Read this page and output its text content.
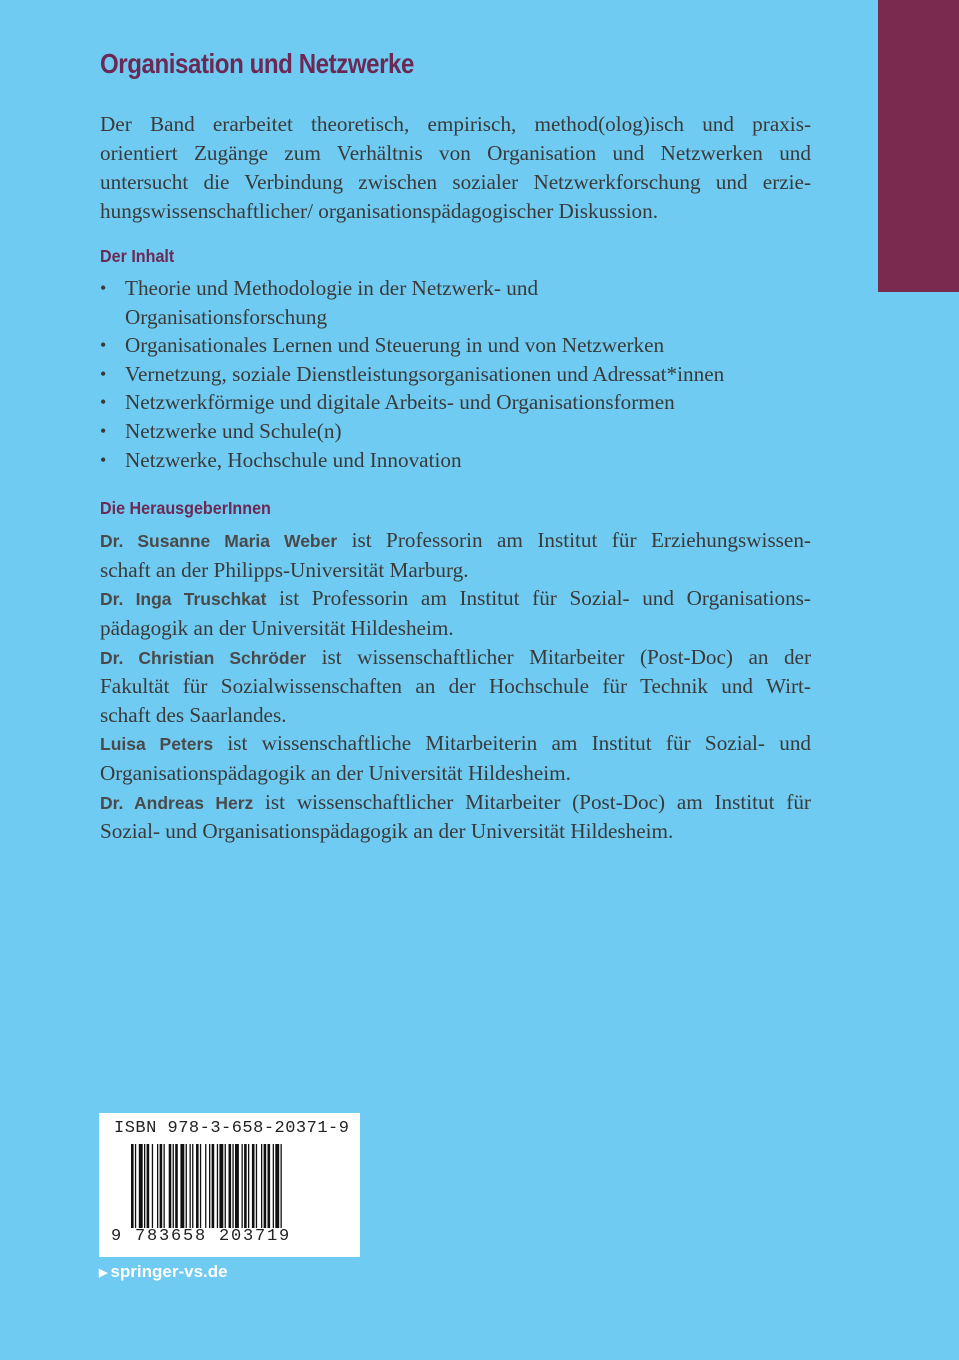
Organisation und Netzwerke
Der Band erarbeitet theoretisch, empirisch, method(olog)isch und praxis-
orientiert Zugänge zum Verhältnis von Organisation und Netzwerken und
untersucht die Verbindung zwischen sozialer Netzwerkforschung und erzie-
hungswissenschaftlicher/ organisationspädagogischer Diskussion.
Der Inhalt
• Theorie und Methodologie in der Netzwerk- und
Organisationsforschung
• Organisationales Lernen und Steuerung in und von Netzwerken
• Vernetzung, soziale Dienstleistungsorganisationen und Adressat*innen
• Netzwerkförmige und digitale Arbeits- und Organisationsformen
• Netzwerke und Schule(n)
• Netzwerke, Hochschule und Innovation
Die HerausgeberInnen
Dr. Susanne Maria Weber ist Professorin am Institut für Erziehungswissen-
schaft an der Philipps-Universität Marburg.
Dr. Inga Truschkat ist Professorin am Institut für Sozial- und Organisations-
pädagogik an der Universität Hildesheim.
Dr. Christian Schröder ist wissenschaftlicher Mitarbeiter (Post-Doc) an der
Fakultät für Sozialwissenschaften an der Hochschule für Technik und Wirt-
schaft des Saarlandes.
Luisa Peters ist wissenschaftliche Mitarbeiterin am Institut für Sozial- und
Organisationspädagogik an der Universität Hildesheim.
Dr. Andreas Herz ist wissenschaftlicher Mitarbeiter (Post-Doc) am Institut für
Sozial- und Organisationspädagogik an der Universität Hildesheim.
ISBN 978-3-658-20371-9
9 783658 203719
▶ springer-vs.de
